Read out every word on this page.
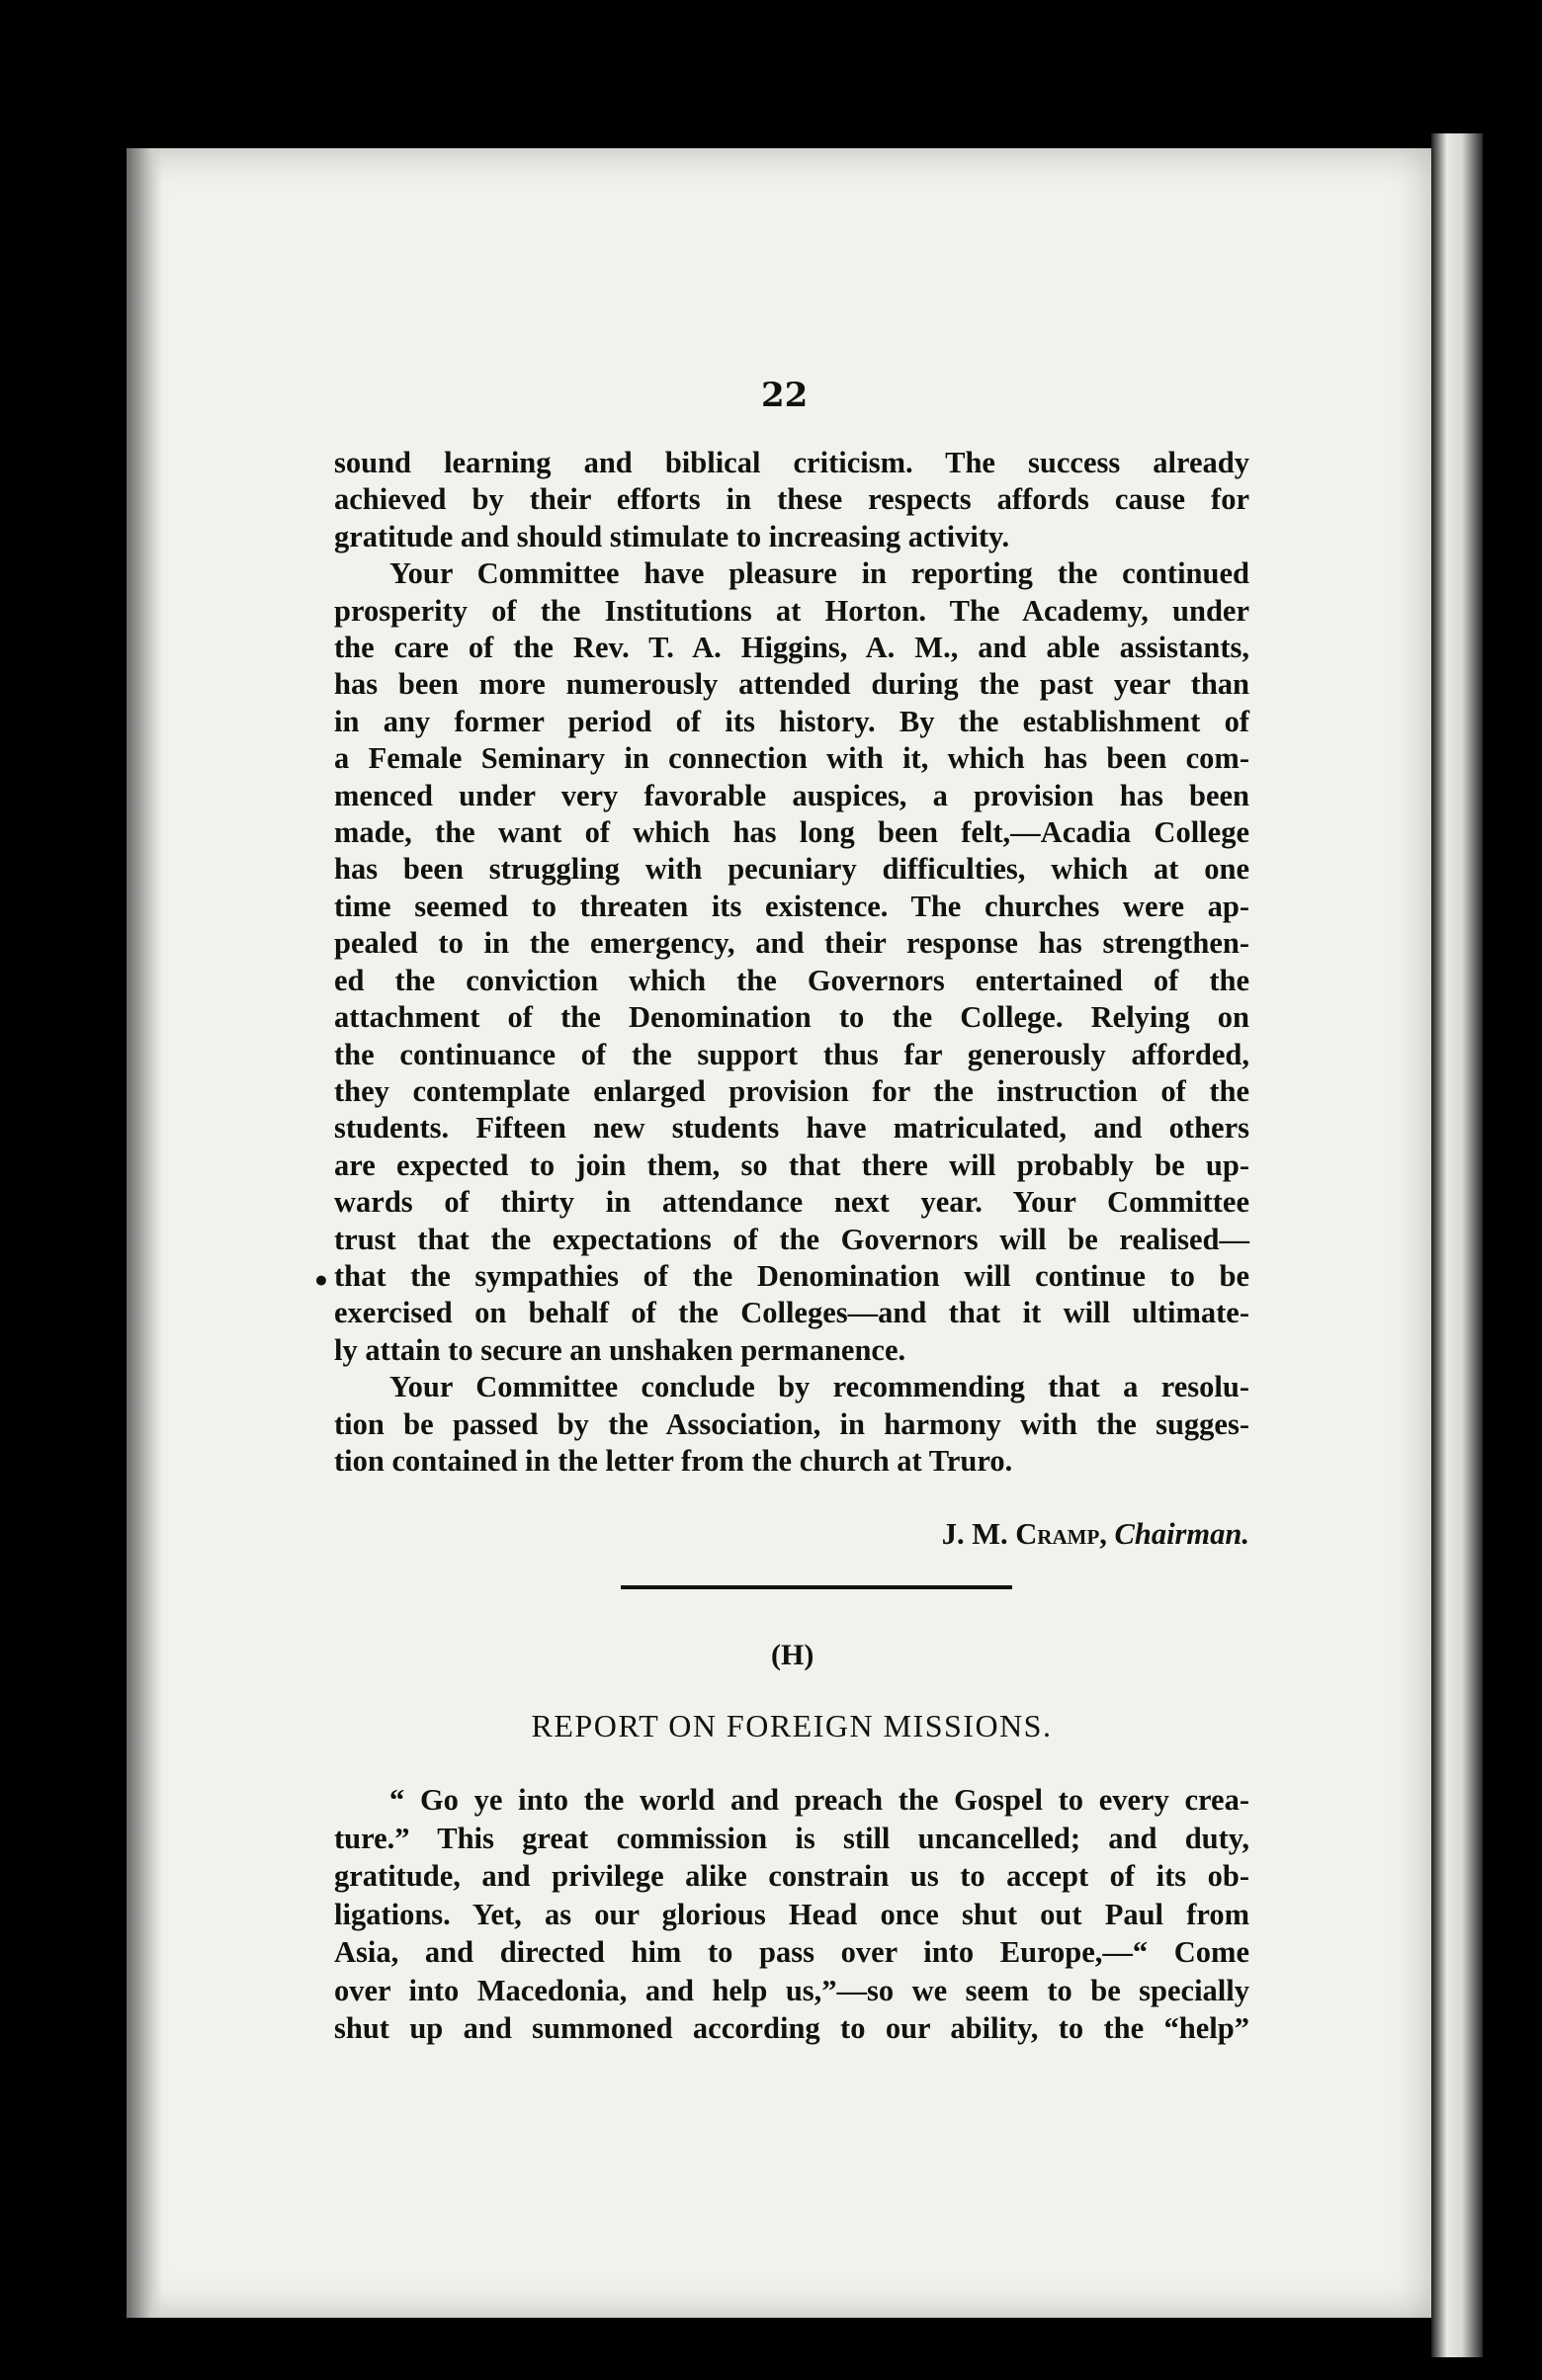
22
sound learning and biblical criticism. The success already
achieved by their efforts in these respects affords cause for
gratitude and should stimulate to increasing activity.
Your Committee have pleasure in reporting the continued
prosperity of the Institutions at Horton. The Academy, under
the care of the Rev. T. A. Higgins, A. M., and able assistants,
has been more numerously attended during the past year than
in any former period of its history. By the establishment of
a Female Seminary in connection with it, which has been com-
menced under very favorable auspices, a provision has been
made, the want of which has long been felt,—Acadia College
has been struggling with pecuniary difficulties, which at one
time seemed to threaten its existence. The churches were ap-
pealed to in the emergency, and their response has strengthen-
ed the conviction which the Governors entertained of the
attachment of the Denomination to the College. Relying on
the continuance of the support thus far generously afforded,
they contemplate enlarged provision for the instruction of the
students. Fifteen new students have matriculated, and others
are expected to join them, so that there will probably be up-
wards of thirty in attendance next year. Your Committee
trust that the expectations of the Governors will be realised—
that the sympathies of the Denomination will continue to be
exercised on behalf of the Colleges—and that it will ultimate-
ly attain to secure an unshaken permanence.
Your Committee conclude by recommending that a resolu-
tion be passed by the Association, in harmony with the sugges-
tion contained in the letter from the church at Truro.
•
J. M. Cramp, Chairman.
(H)
REPORT ON FOREIGN MISSIONS.
“ Go ye into the world and preach the Gospel to every crea-
ture.” This great commission is still uncancelled; and duty,
gratitude, and privilege alike constrain us to accept of its ob-
ligations. Yet, as our glorious Head once shut out Paul from
Asia, and directed him to pass over into Europe,—“ Come
over into Macedonia, and help us,”—so we seem to be specially
shut up and summoned according to our ability, to the “help”
